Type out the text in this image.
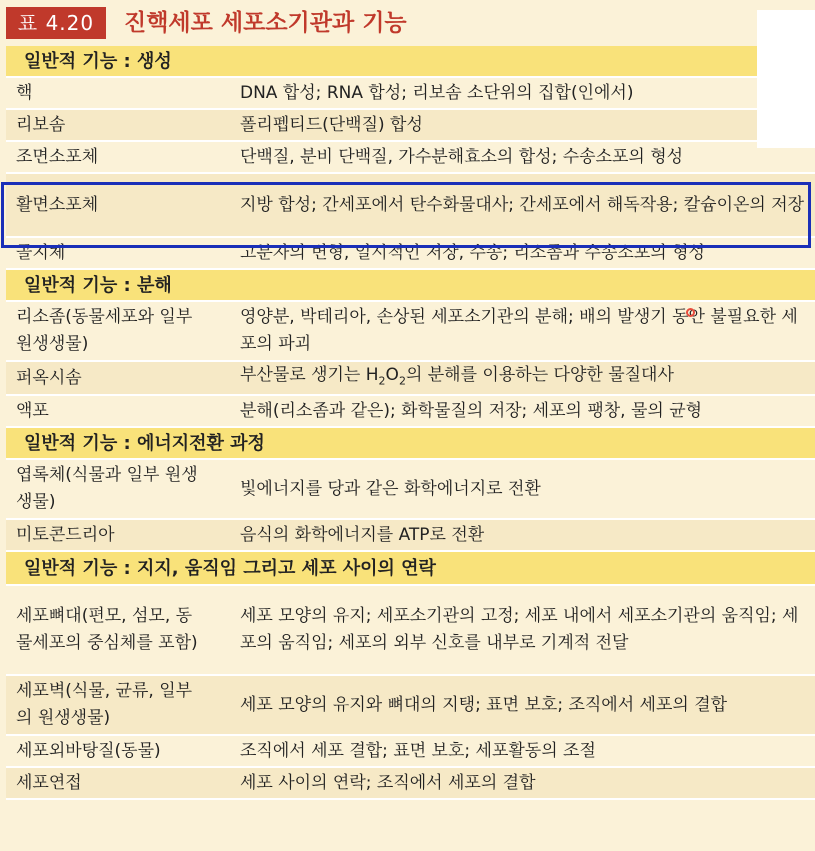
표 4.20	진핵세포 세포소기관과 기능
일반적 기능 : 생성	
핵	DNA 합성; RNA 합성; 리보솜 소단위의 집합(인에서)
리보솜	폴리펩티드(단백질) 합성
조면소포체	단백질, 분비 단백질, 가수분해효소의 합성; 수송소포의 형성
활면소포체	지방 합성; 간세포에서 탄수화물대사; 간세포에서 해독작용; 칼슘이온의 저장
골지체	고분자의 변형, 일시적인 저장, 수송; 리소좀과 수송소포의 형성
일반적 기능 : 분해	
리소좀(동물세포와 일부 원생생물)	영양분, 박테리아, 손상된 세포소기관의 분해; 배의 발생기 동안 불필요한 세포의 파괴
퍼옥시솜	부산물로 생기는 $H_2O_2$의 분해를 이용하는 다양한 물질대사
액포	분해(리소좀과 같은); 화학물질의 저장; 세포의 팽창, 물의 균형
일반적 기능 : 에너지전환 과정	
엽록체(식물과 일부 원생생물)	빛에너지를 당과 같은 화학에너지로 전환
미토콘드리아	음식의 화학에너지를 ATP로 전환
일반적 기능 : 지지, 움직임 그리고 세포 사이의 연락	
세포뼈대(편모, 섬모, 동물세포의 중심체를 포함)	세포 모양의 유지; 세포소기관의 고정; 세포 내에서 세포소기관의 움직임; 세포의 움직임; 세포의 외부 신호를 내부로 기계적 전달
세포벽(식물, 균류, 일부의 원생생물)	세포 모양의 유지와 뼈대의 지탱; 표면 보호; 조직에서 세포의 결합
세포외바탕질(동물)	조직에서 세포 결합; 표면 보호; 세포활동의 조절
세포연접	세포 사이의 연락; 조직에서 세포의 결합
